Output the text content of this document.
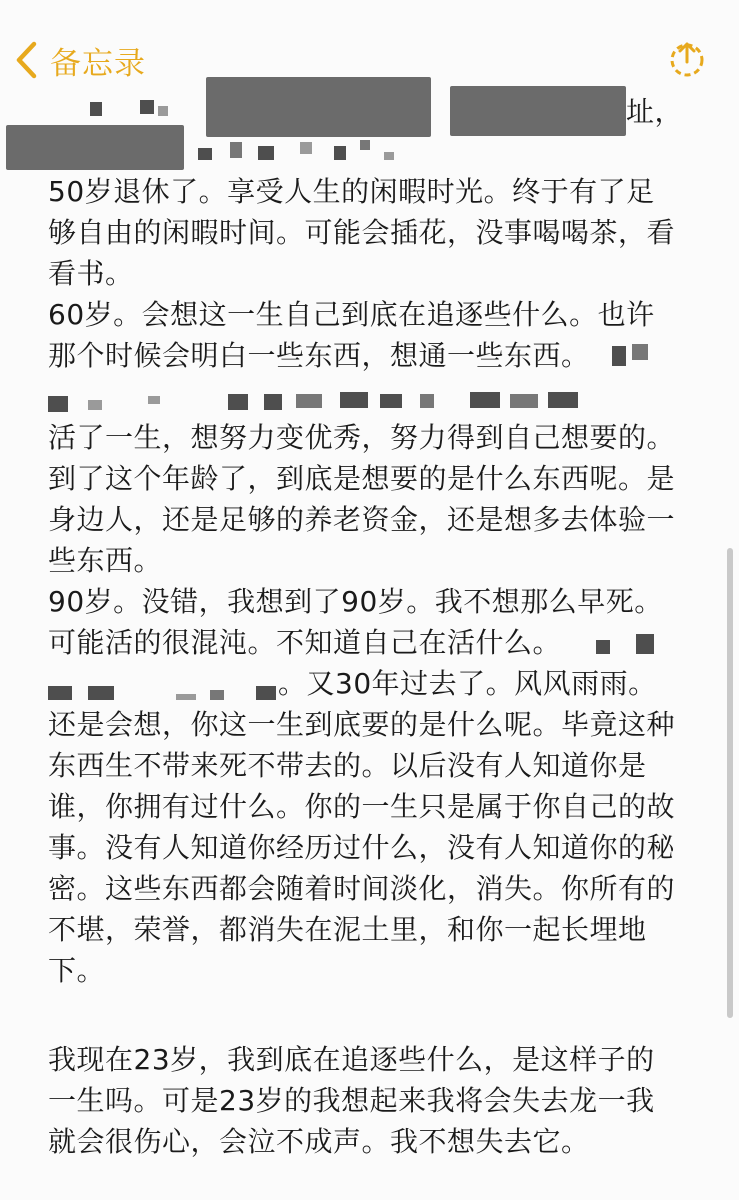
备忘录
址，
50岁退休了。享受人生的闲暇时光。终于有了足
够自由的闲暇时间。可能会插花，没事喝喝茶，看
看书。
60岁。会想这一生自己到底在追逐些什么。也许
那个时候会明白一些东西，想通一些东西。
活了一生，想努力变优秀，努力得到自己想要的。
到了这个年龄了，到底是想要的是什么东西呢。是
身边人，还是足够的养老资金，还是想多去体验一
些东西。
90岁。没错，我想到了90岁。我不想那么早死。
可能活的很混沌。不知道自己在活什么。
。又30年过去了。风风雨雨。
还是会想，你这一生到底要的是什么呢。毕竟这种
东西生不带来死不带去的。以后没有人知道你是
谁，你拥有过什么。你的一生只是属于你自己的故
事。没有人知道你经历过什么，没有人知道你的秘
密。这些东西都会随着时间淡化，消失。你所有的
不堪，荣誉，都消失在泥土里，和你一起长埋地
下。
我现在23岁，我到底在追逐些什么，是这样子的
一生吗。可是23岁的我想起来我将会失去龙一我
就会很伤心，会泣不成声。我不想失去它。
